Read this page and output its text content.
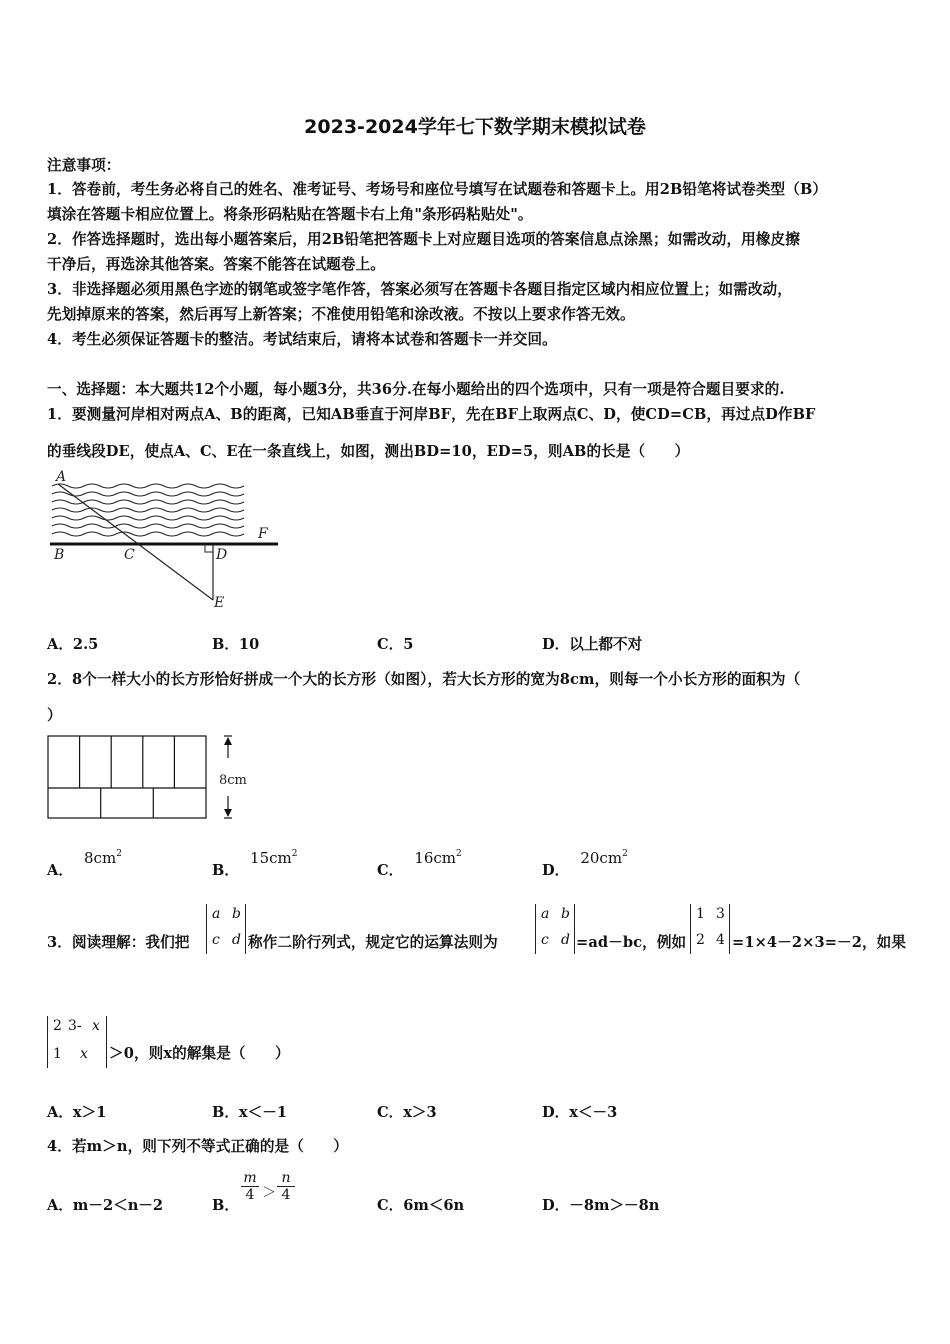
2023-2024学年七下数学期末模拟试卷
注意事项：
1．答卷前，考生务必将自己的姓名、准考证号、考场号和座位号填写在试题卷和答题卡上。用2B铅笔将试卷类型（B）
填涂在答题卡相应位置上。将条形码粘贴在答题卡右上角"条形码粘贴处"。
2．作答选择题时，选出每小题答案后，用2B铅笔把答题卡上对应题目选项的答案信息点涂黑；如需改动，用橡皮擦
干净后，再选涂其他答案。答案不能答在试题卷上。
3．非选择题必须用黑色字迹的钢笔或签字笔作答，答案必须写在答题卡各题目指定区域内相应位置上；如需改动，
先划掉原来的答案，然后再写上新答案；不准使用铅笔和涂改液。不按以上要求作答无效。
4．考生必须保证答题卡的整洁。考试结束后，请将本试卷和答题卡一并交回。
一、选择题：本大题共12个小题，每小题3分，共36分.在每小题给出的四个选项中，只有一项是符合题目要求的.
1．要测量河岸相对两点A、B的距离，已知AB垂直于河岸BF，先在BF上取两点C、D，使CD=CB，再过点D作BF
的垂线段DE，使点A、C、E在一条直线上，如图，测出BD=10，ED=5，则AB的长是（　　）
A
B	C	D
E
F
A．2.5	B．10	C．5	D．以上都不对
2．8个一样大小的长方形恰好拼成一个大的长方形（如图），若大长方形的宽为8cm，则每一个小长方形的面积为（
）
8cm
A． $8cm^2$
B． $15cm^2$
C． $16cm^2$
D． $20cm^2$
3．阅读理解：我们把
a b
c d 称作二阶行列式，规定它的运算法则为
a b
c d =ad－bc，例如
1 3
2 4 =1×4－2×3=－2，如果
2 3- x
1 x ＞0，则x的解集是（　　）
A．x＞1	B．x＜－1	C．x＞3	D．x＜－3
4．若m＞n，则下列不等式正确的是（　　）
A．m－2＜n－2	B．
$\frac{m}{4} > \frac{n}{4}$
C．6m＜6n	D．－8m＞－8n
